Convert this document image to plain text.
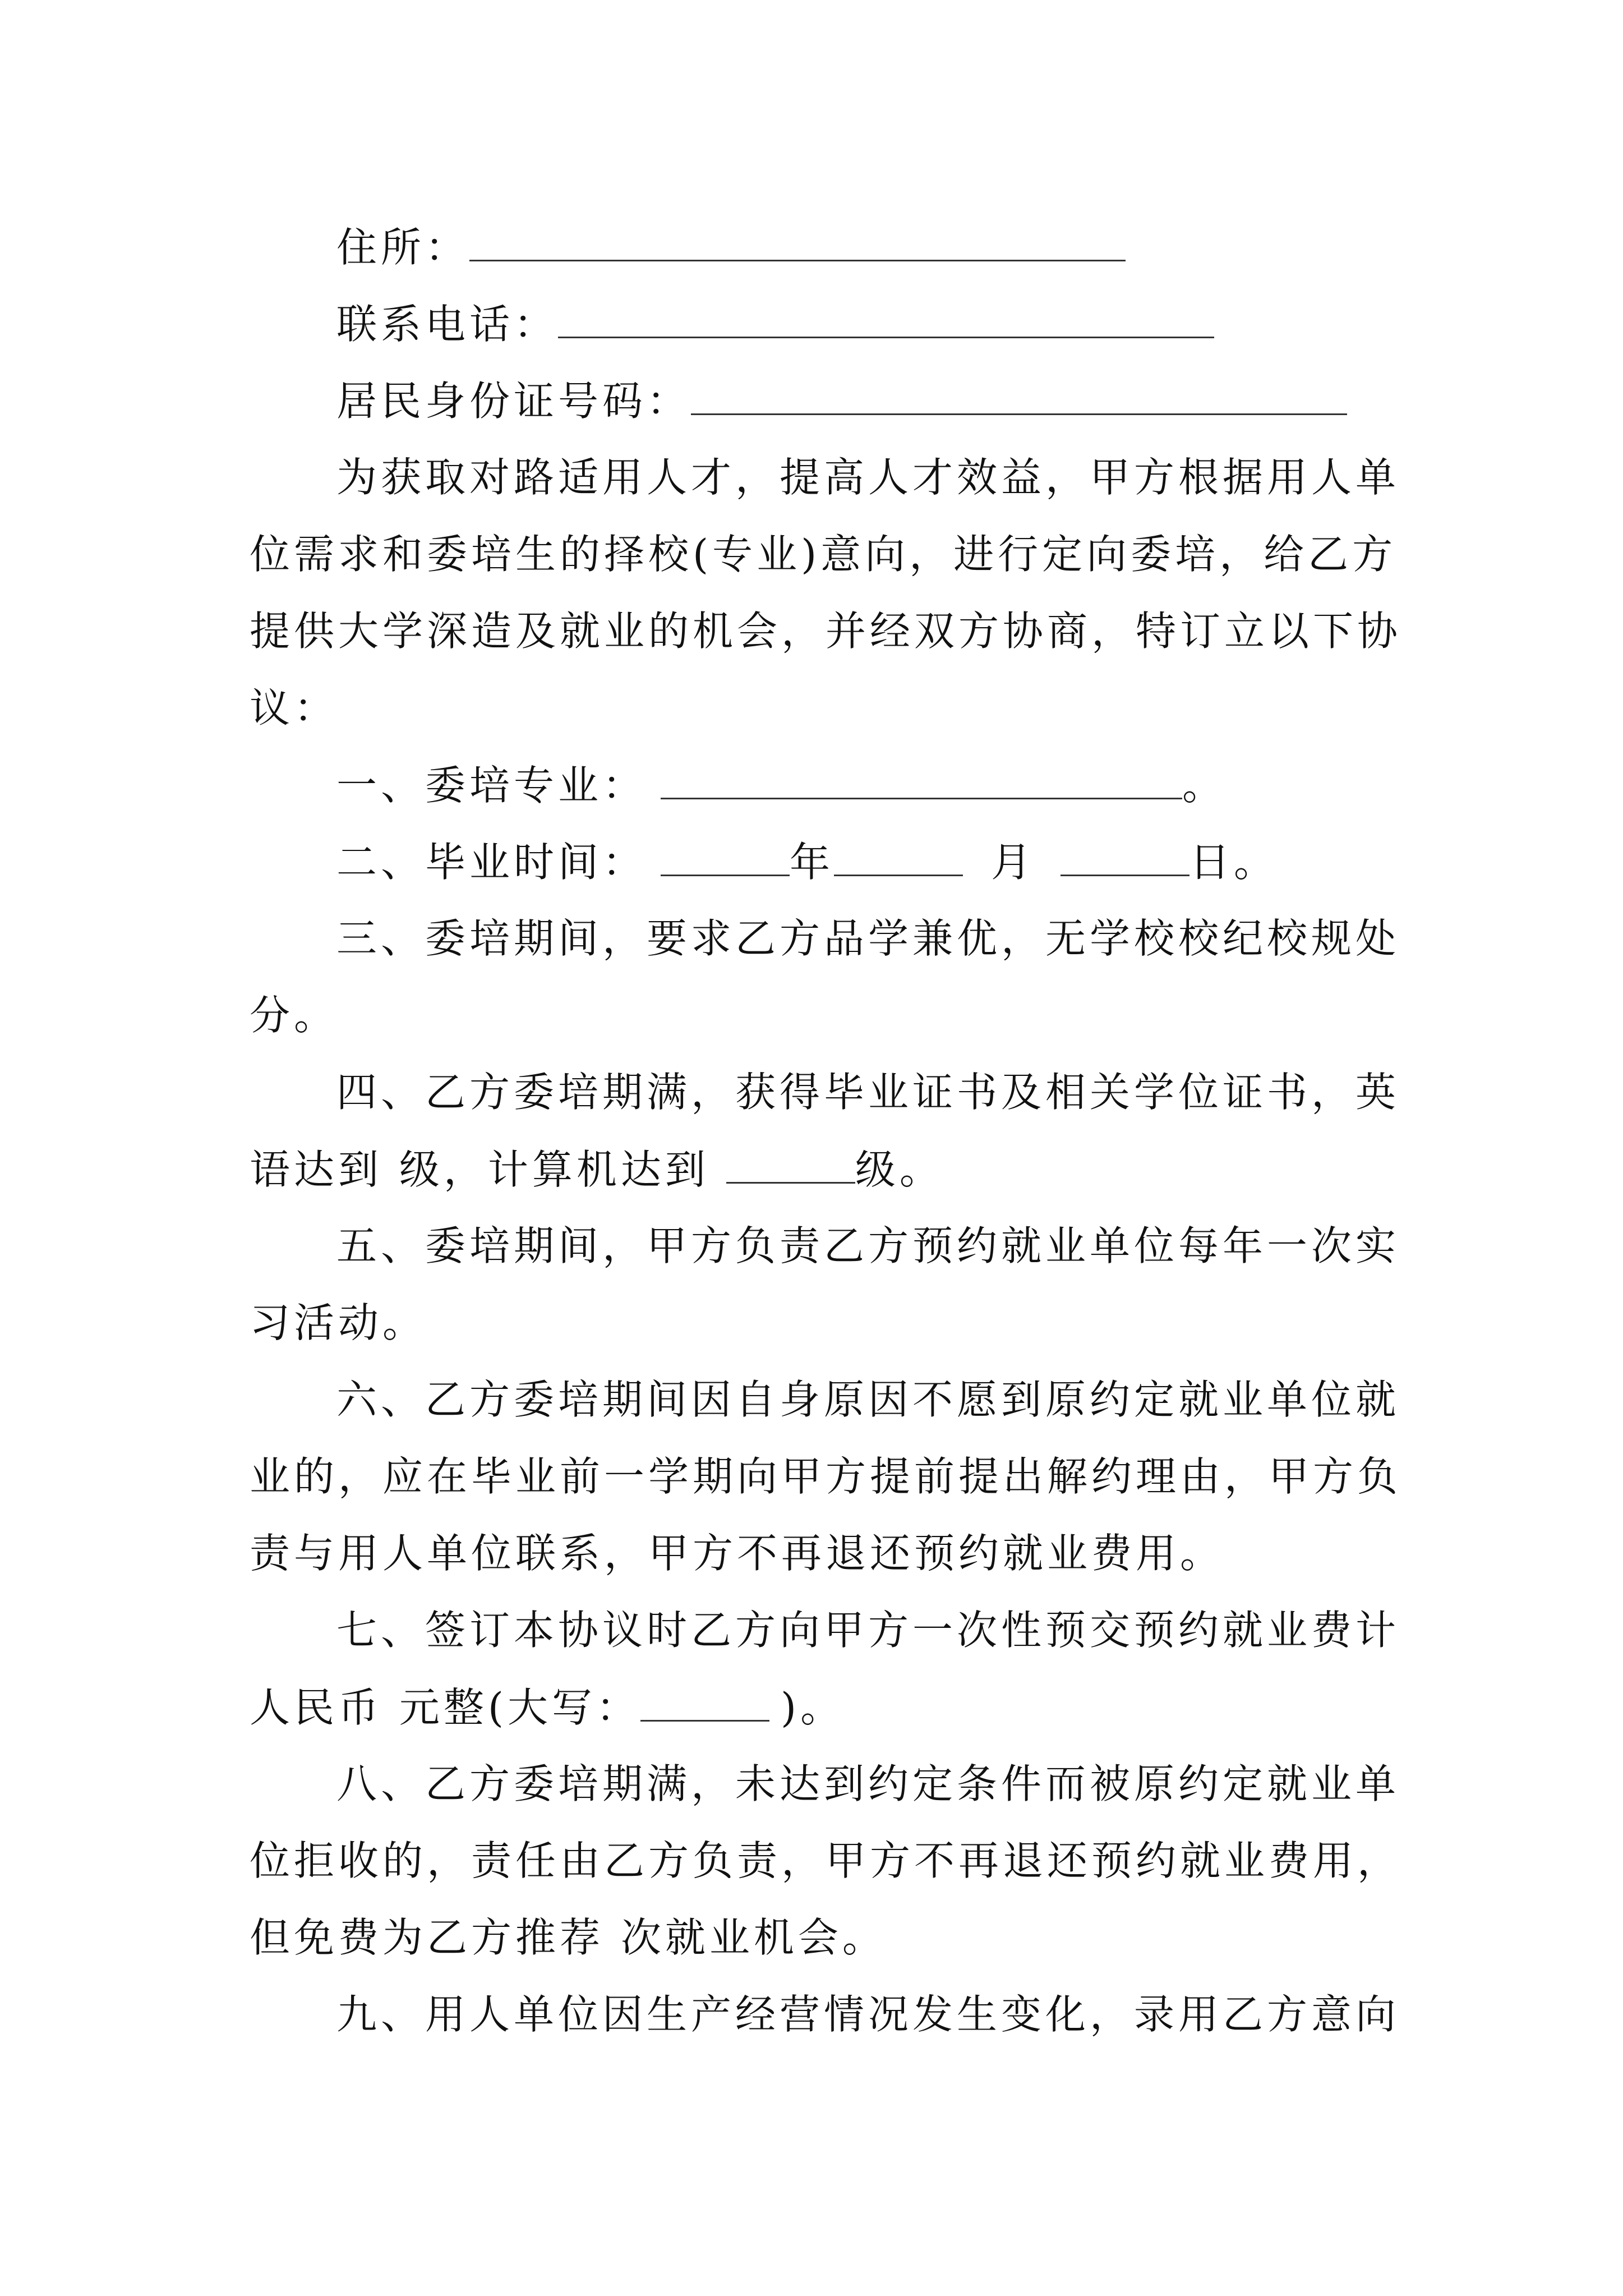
住所：
联系电话：
居民身份证号码：
为获取对路适用人才，提高人才效益，甲方根据用人单
位需求和委培生的择校(专业)意向，进行定向委培，给乙方
提供大学深造及就业的机会，并经双方协商，特订立以下协
议：
一、委培专业：	。
二、毕业时间：	年	月	日。
三、委培期间，要求乙方品学兼优，无学校校纪校规处
分。
四、乙方委培期满，获得毕业证书及相关学位证书，英
语达到 级，计算机达到	级。
五、委培期间，甲方负责乙方预约就业单位每年一次实
习活动。
六、乙方委培期间因自身原因不愿到原约定就业单位就
业的，应在毕业前一学期向甲方提前提出解约理由，甲方负
责与用人单位联系，甲方不再退还预约就业费用。
七、签订本协议时乙方向甲方一次性预交预约就业费计
人民币 元整(大写：	)。
八、乙方委培期满，未达到约定条件而被原约定就业单
位拒收的，责任由乙方负责，甲方不再退还预约就业费用，
但免费为乙方推荐 次就业机会。
九、用人单位因生产经营情况发生变化，录用乙方意向
